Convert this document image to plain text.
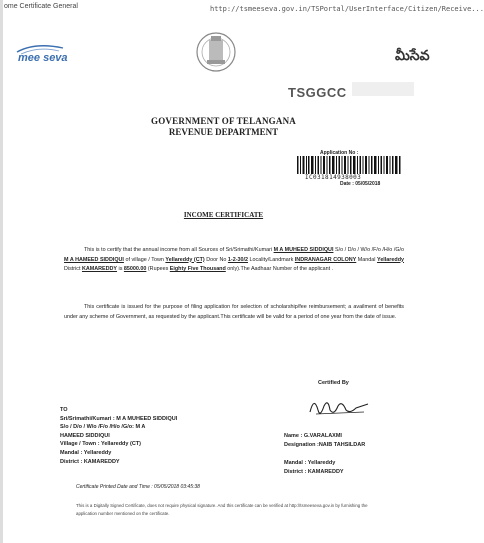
ome Certificate General	http://tsmeeseva.gov.in/TSPortal/UserInterface/Citizen/Receive...
mee seva	మీసేవ
TSGGCC
GOVERNMENT OF TELANGANA
REVENUE DEPARTMENT
Application No :
IC031814938003
Date : 05/05/2018
INCOME CERTIFICATE
This is to certify that the annual income from all Sources of Sri/Srimathi/Kumari M A MUHEED SIDDIQUI S/o / D/o / W/o /F/o /H/o /G/o M A HAMEED SIDDIQUI of village / Town Yellareddy (CT) Door No 1-2-30/2 Locality/Landmark INDRANAGAR COLONY Mandal Yellareddy District KAMAREDDY is 85000.00 (Rupees Eighty Five Thousand only).The Aadhaar Number of the applicant .
This certificate is issued for the purpose of filing application for selection of scholarship/fee reimbursement; a availment of benefits under any scheme of Government, as requested by the applicant.This certificate will be valid for a period of one year from the date of issue.
Certified By
TO
Sri/Srimathi/Kumari : M A MUHEED SIDDIQUI
S/o / D/o / W/o /F/o /H/o /G/o: M A
HAMEED SIDDIQUI
Village / Town : Yellareddy (CT)
Mandal : Yellareddy
District : KAMAREDDY
Name : G.VARALAXMI
Designation :NAIB TAHSILDAR
Mandal : Yellareddy
District : KAMAREDDY
Certificate Printed Date and Time : 05/05/2018 03:45:38
This is a Digitally Signed Certificate, does not require physical signature. And this certificate can be verified at http://tsmeeseva.gov.in by furnishing the application number mentioned on the certificate.
